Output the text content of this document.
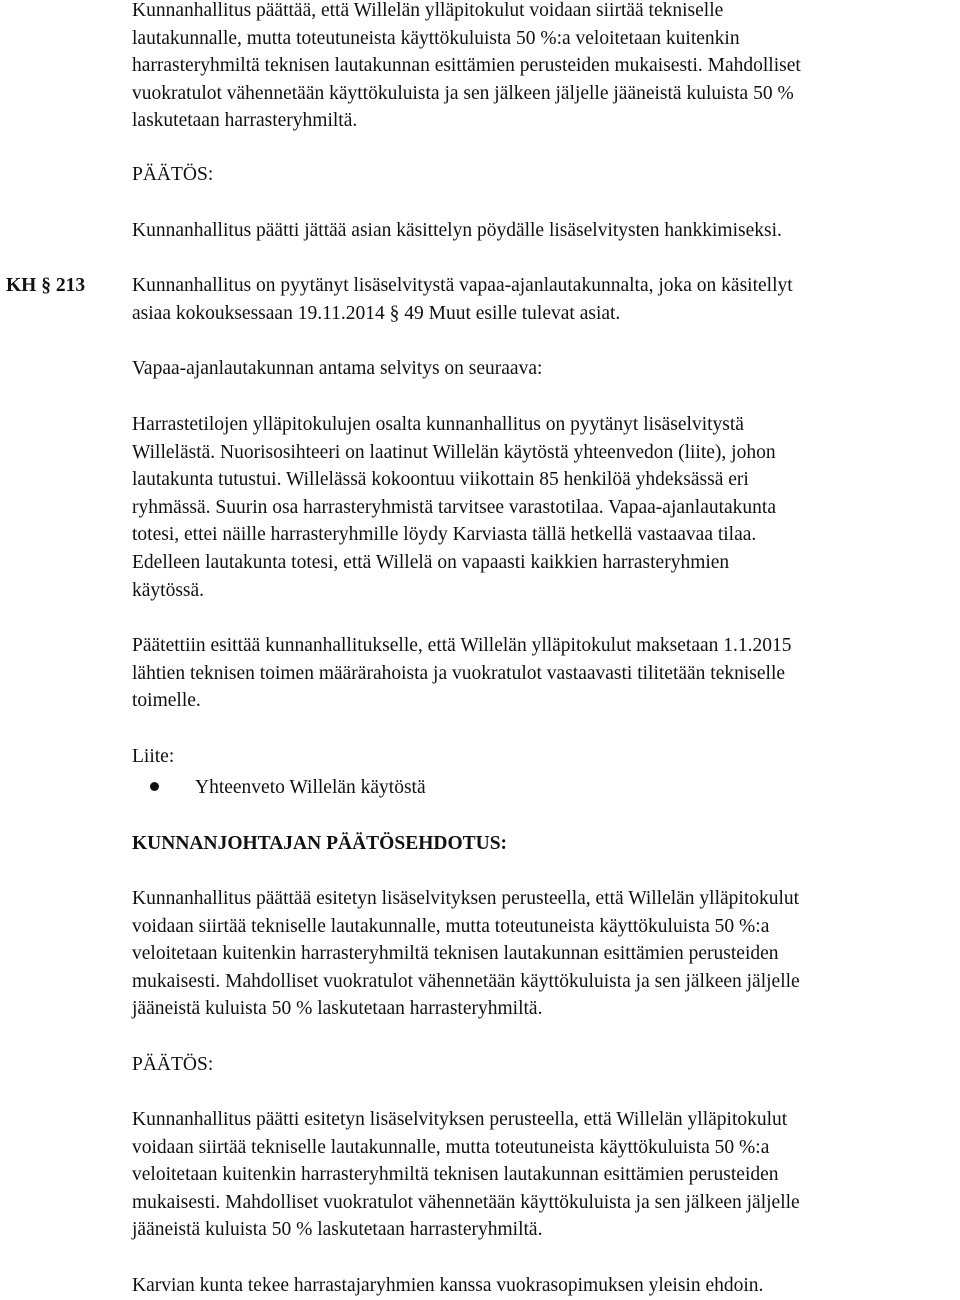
Kunnanhallitus päättää, että Willelän ylläpitokulut voidaan siirtää tekniselle
lautakunnalle, mutta toteutuneista käyttökuluista 50 %:a veloitetaan kuitenkin
harrasteryhmiltä teknisen lautakunnan esittämien perusteiden mukaisesti. Mahdolliset
vuokratulot vähennetään käyttökuluista ja sen jälkeen jäljelle jääneistä kuluista 50 %
laskutetaan harrasteryhmiltä.
PÄÄTÖS:
Kunnanhallitus päätti jättää asian käsittelyn pöydälle lisäselvitysten hankkimiseksi.
KH § 213 Kunnanhallitus on pyytänyt lisäselvitystä vapaa-ajanlautakunnalta, joka on käsitellyt
asiaa kokouksessaan 19.11.2014 § 49 Muut esille tulevat asiat.
Vapaa-ajanlautakunnan antama selvitys on seuraava:
Harrastetilojen ylläpitokulujen osalta kunnanhallitus on pyytänyt lisäselvitystä
Willelästä. Nuorisosihteeri on laatinut Willelän käytöstä yhteenvedon (liite), johon
lautakunta tutustui. Willelässä kokoontuu viikottain 85 henkilöä yhdeksässä eri
ryhmässä. Suurin osa harrasteryhmistä tarvitsee varastotilaa. Vapaa-ajanlautakunta
totesi, ettei näille harrasteryhmille löydy Karviasta tällä hetkellä vastaavaa tilaa.
Edelleen lautakunta totesi, että Willelä on vapaasti kaikkien harrasteryhmien
käytössä.
Päätettiin esittää kunnanhallitukselle, että Willelän ylläpitokulut maksetaan 1.1.2015
lähtien teknisen toimen määrärahoista ja vuokratulot vastaavasti tilitetään tekniselle
toimelle.
Liite:
Yhteenveto Willelän käytöstä
KUNNANJOHTAJAN PÄÄTÖSEHDOTUS:
Kunnanhallitus päättää esitetyn lisäselvityksen perusteella, että Willelän ylläpitokulut
voidaan siirtää tekniselle lautakunnalle, mutta toteutuneista käyttökuluista 50 %:a
veloitetaan kuitenkin harrasteryhmiltä teknisen lautakunnan esittämien perusteiden
mukaisesti. Mahdolliset vuokratulot vähennetään käyttökuluista ja sen jälkeen jäljelle
jääneistä kuluista 50 % laskutetaan harrasteryhmiltä.
PÄÄTÖS:
Kunnanhallitus päätti esitetyn lisäselvityksen perusteella, että Willelän ylläpitokulut
voidaan siirtää tekniselle lautakunnalle, mutta toteutuneista käyttökuluista 50 %:a
veloitetaan kuitenkin harrasteryhmiltä teknisen lautakunnan esittämien perusteiden
mukaisesti. Mahdolliset vuokratulot vähennetään käyttökuluista ja sen jälkeen jäljelle
jääneistä kuluista 50 % laskutetaan harrasteryhmiltä.
Karvian kunta tekee harrastajaryhmien kanssa vuokrasopimuksen yleisin ehdoin.
